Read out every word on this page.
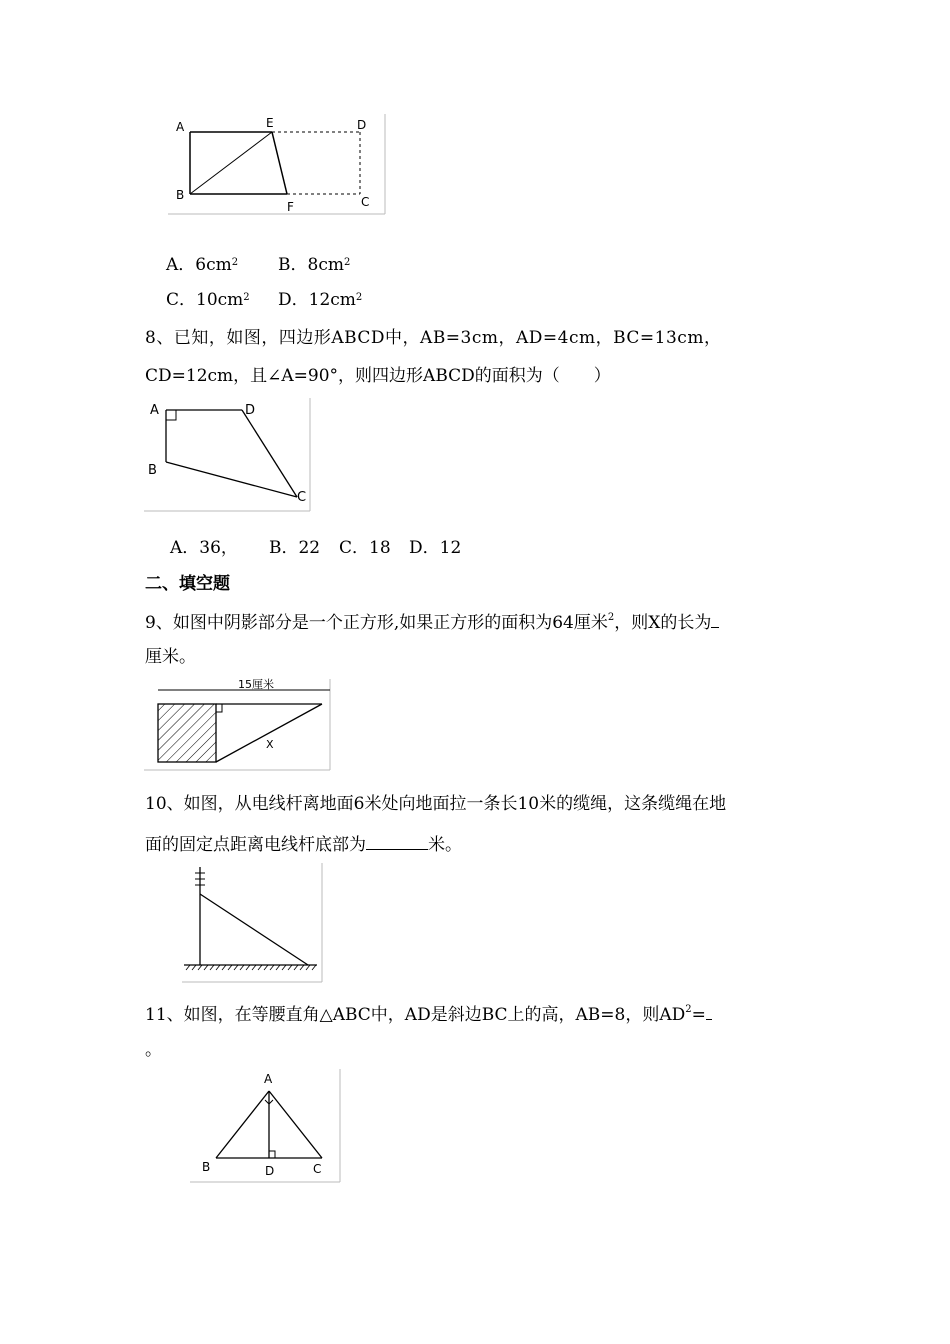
A	E	D
B
F	C
A．$6cm^2$ B．$8cm^2$
C．$10cm^2$ D．$12cm^2$
8、已知，如图，四边形ABCD中，AB=3cm，AD=4cm，BC=13cm，
CD=12cm，且∠A=90°，则四边形ABCD的面积为（　　）
A	D
B
C
A．36， B．22 C．18 D．12
二、填空题
9、如图中阴影部分是一个正方形,如果正方形的面积为64厘米$^2$，则X的长为
厘米。
15厘米
X
10、如图，从电线杆离地面6米处向地面拉一条长10米的缆绳，这条缆绳在地
面的固定点距离电线杆底部为	米。
11、如图，在等腰直角△ABC中，AD是斜边BC上的高，AB=8，则$AD^2=$
。
A
B	D	C
